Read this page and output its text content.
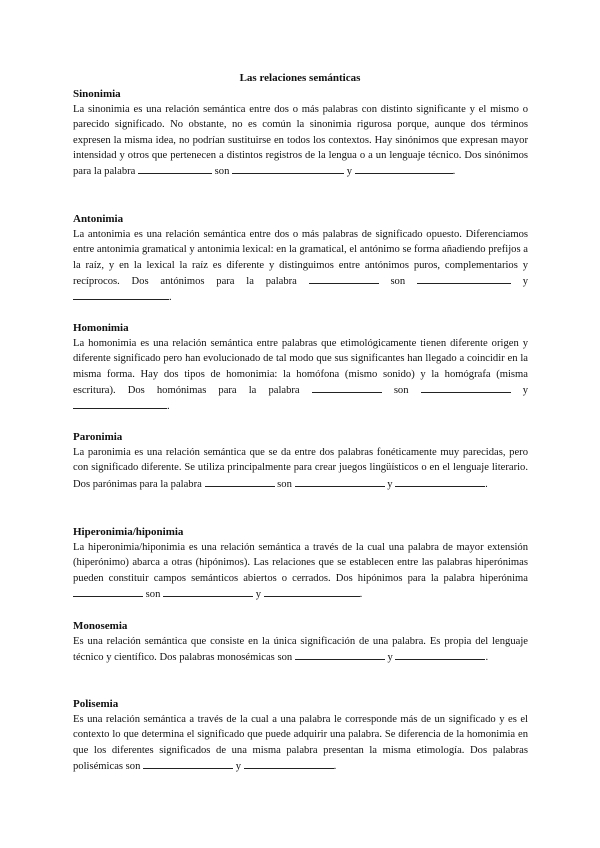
Las relaciones semánticas
Sinonimia
La sinonimia es una relación semántica entre dos o más palabras con distinto significante y el mismo o parecido significado. No obstante, no es común la sinonimia rigurosa porque, aunque dos términos expresen la misma idea, no podrían sustituirse en todos los contextos. Hay sinónimos que expresan mayor intensidad y otros que pertenecen a distintos registros de la lengua o a un lenguaje técnico. Dos sinónimos para la palabra	son	y	.
Antonimia
La antonimia es una relación semántica entre dos o más palabras de significado opuesto. Diferenciamos entre antonimia gramatical y antonimia lexical: en la gramatical, el antónimo se forma añadiendo prefijos a la raíz, y en la lexical la raíz es diferente y distinguimos entre antónimos puros, complementarios y recíprocos. Dos antónimos para la palabra	son	y .
Homonimia
La homonimia es una relación semántica entre palabras que etimológicamente tienen diferente origen y diferente significado pero han evolucionado de tal modo que sus significantes han llegado a coincidir en la misma forma. Hay dos tipos de homonimia: la homófona (mismo sonido) y la homógrafa (misma escritura). Dos homónimas para la palabra	son	y .
Paronimia
La paronimia es una relación semántica que se da entre dos palabras fonéticamente muy parecidas, pero con significado diferente. Se utiliza principalmente para crear juegos lingüísticos o en el lenguaje literario. Dos parónimas para la palabra	son	y	.
Hiperonimia/hiponimia
La hiperonimia/hiponimia es una relación semántica a través de la cual una palabra de mayor extensión (hiperónimo) abarca a otras (hipónimos). Las relaciones que se establecen entre las palabras hiperónimas pueden constituir campos semánticos abiertos o cerrados. Dos hipónimos para la palabra hiperónima  son	y	.
Monosemia
Es una relación semántica que consiste en la única significación de una palabra. Es propia del lenguaje técnico y científico. Dos palabras monosémicas son	y	.
Polisemia
Es una relación semántica a través de la cual a una palabra le corresponde más de un significado y es el contexto lo que determina el significado que puede adquirir una palabra. Se diferencia de la homonimia en que los diferentes significados de una misma palabra presentan la misma etimología. Dos palabras polisémicas son	y	.
